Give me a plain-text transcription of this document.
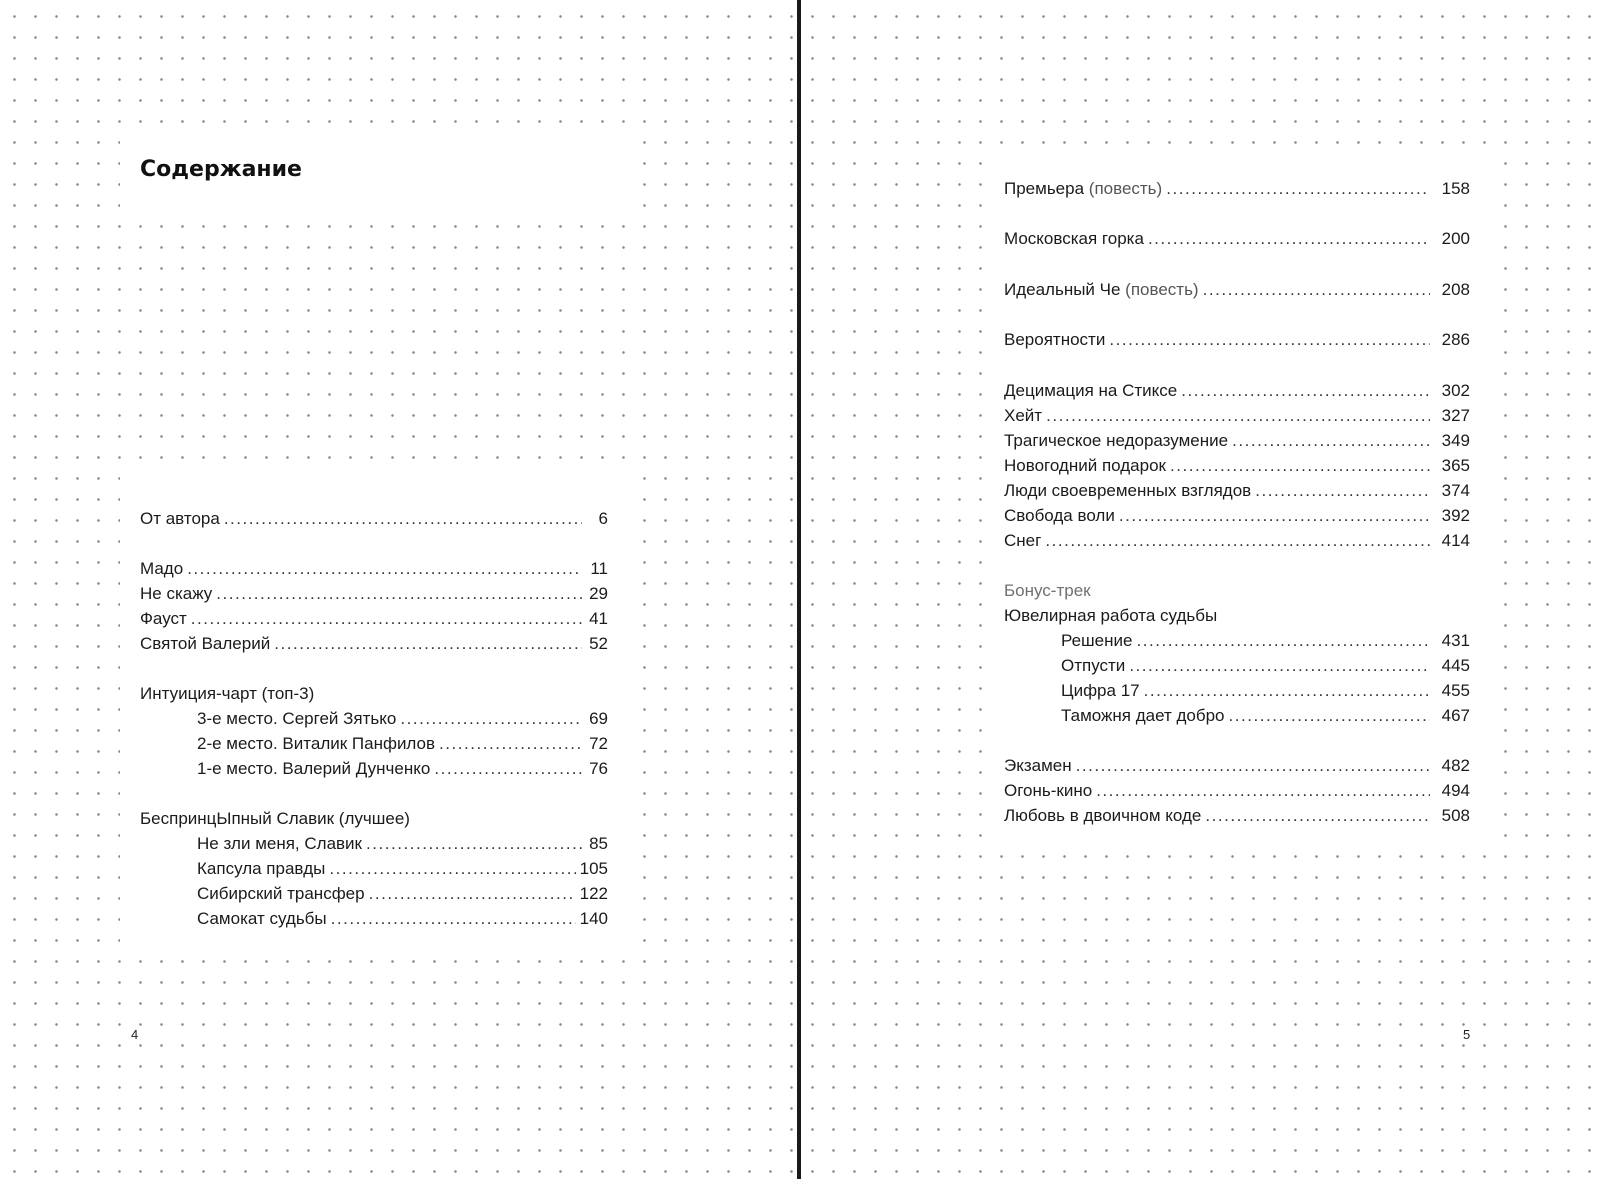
Содержание
От автора . . .	6
Мадо . . .	11
Не скажу . . .	29
Фауст . . .	41
Святой Валерий . . .	52
Интуиция-чарт (топ-3)
3-е место. Сергей Зятько . . .	69
2-е место. Виталик Панфилов . . .	72
1-е место. Валерий Дунченко . . .	76
БеспринцЫпный Славик (лучшее)
Не зли меня, Славик . . .	85
Капсула правды . . .	105
Сибирский трансфер . . .	122
Самокат судьбы . . .	140
Премьера (повесть) . . .	158
Московская горка . . .	200
Идеальный Че (повесть) . . .	208
Вероятности . . .	286
Децимация на Стиксе . . .	302
Хейт . . .	327
Трагическое недоразумение . . .	349
Новогодний подарок . . .	365
Люди своевременных взглядов . . .	374
Свобода воли . . .	392
Снег . . .	414
Бонус-трек
Ювелирная работа судьбы
Решение . . .	431
Отпусти . . .	445
Цифра 17 . . .	455
Таможня дает добро . . .	467
Экзамен . . .	482
Огонь-кино . . .	494
Любовь в двоичном коде . . .	508
4	5
